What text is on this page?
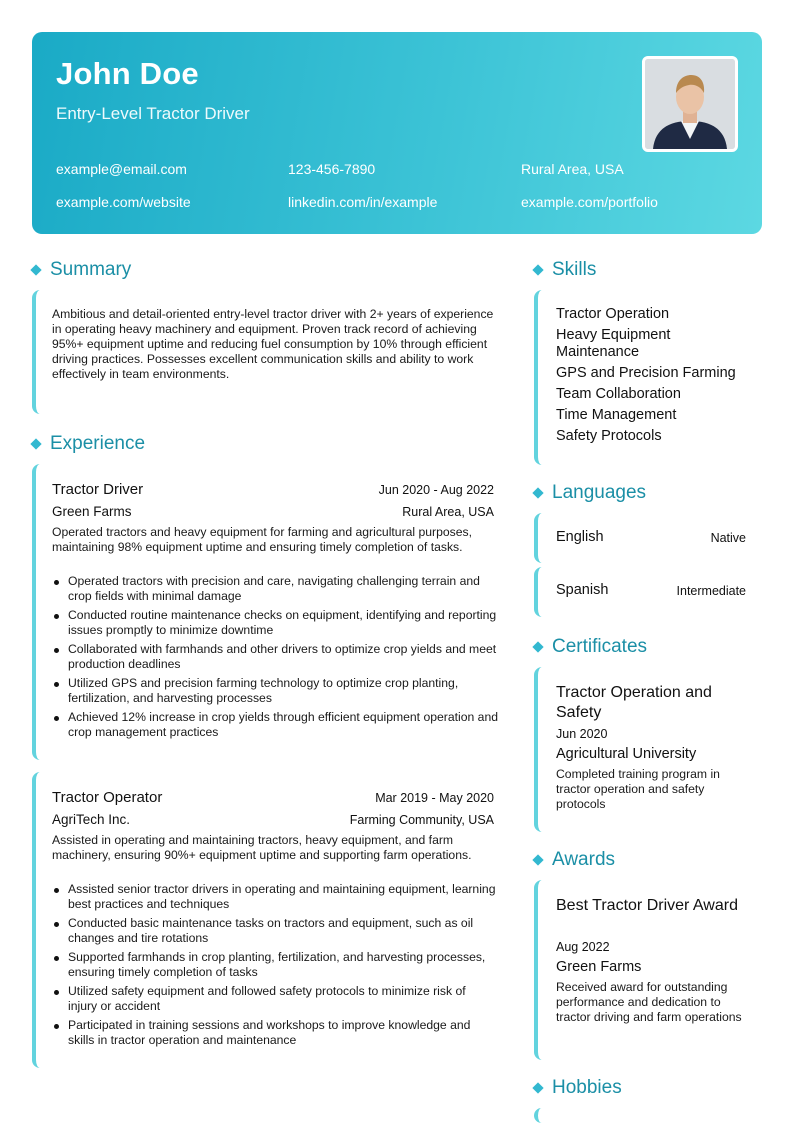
John Doe
Entry-Level Tractor Driver
example@email.com	123-456-7890	Rural Area, USA
example.com/website	linkedin.com/in/example	example.com/portfolio
Summary
Ambitious and detail-oriented entry-level tractor driver with 2+ years of experience in operating heavy machinery and equipment. Proven track record of achieving 95%+ equipment uptime and reducing fuel consumption by 10% through efficient driving practices. Possesses excellent communication skills and ability to work effectively in team environments.
Experience
Tractor Driver	Jun 2020 - Aug 2022
Green Farms	Rural Area, USA
Operated tractors and heavy equipment for farming and agricultural purposes, maintaining 98% equipment uptime and ensuring timely completion of tasks.
Operated tractors with precision and care, navigating challenging terrain and crop fields with minimal damage
Conducted routine maintenance checks on equipment, identifying and reporting issues promptly to minimize downtime
Collaborated with farmhands and other drivers to optimize crop yields and meet production deadlines
Utilized GPS and precision farming technology to optimize crop planting, fertilization, and harvesting processes
Achieved 12% increase in crop yields through efficient equipment operation and crop management practices
Tractor Operator	Mar 2019 - May 2020
AgriTech Inc.	Farming Community, USA
Assisted in operating and maintaining tractors, heavy equipment, and farm machinery, ensuring 90%+ equipment uptime and supporting farm operations.
Assisted senior tractor drivers in operating and maintaining equipment, learning best practices and techniques
Conducted basic maintenance tasks on tractors and equipment, such as oil changes and tire rotations
Supported farmhands in crop planting, fertilization, and harvesting processes, ensuring timely completion of tasks
Utilized safety equipment and followed safety protocols to minimize risk of injury or accident
Participated in training sessions and workshops to improve knowledge and skills in tractor operation and maintenance
Skills
Tractor Operation
Heavy Equipment Maintenance
GPS and Precision Farming
Team Collaboration
Time Management
Safety Protocols
Languages
English	Native
Spanish	Intermediate
Certificates
Tractor Operation and Safety
Jun 2020
Agricultural University
Completed training program in tractor operation and safety protocols
Awards
Best Tractor Driver Award
Aug 2022
Green Farms
Received award for outstanding performance and dedication to tractor driving and farm operations
Hobbies
